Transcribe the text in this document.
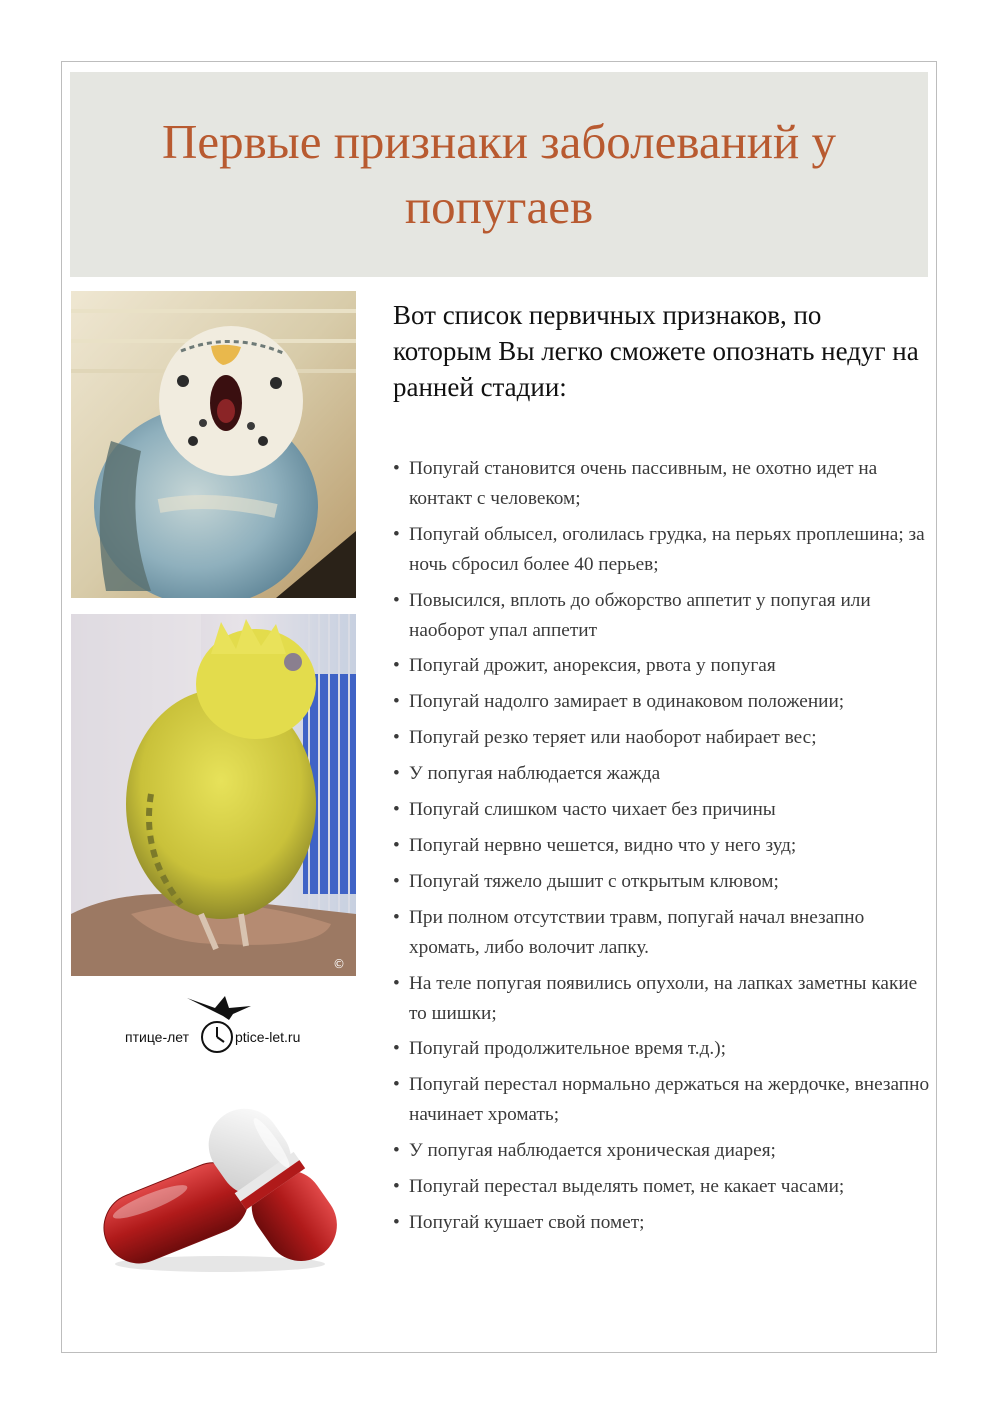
Первые признаки заболеваний у попугаев
©
птице-лет	ptice-let.ru

Вот список первичных признаков, по которым Вы легко сможете опознать недуг на ранней стадии:

• Попугай становится очень пассивным, не охотно идет на контакт с человеком;
• Попугай облысел, оголилась грудка, на перьях проплешина; за ночь сбросил более 40 перьев;
• Повысился, вплоть до обжорство аппетит у попугая или наоборот упал аппетит
• Попугай дрожит, анорексия, рвота у попугая
• Попугай надолго замирает в одинаковом положении;
• Попугай резко теряет или наоборот набирает вес;
• У попугая наблюдается жажда
• Попугай слишком часто чихает без причины
• Попугай нервно чешется, видно что у него зуд;
• Попугай тяжело дышит с открытым клювом;
• При полном отсутствии травм, попугай начал внезапно хромать, либо волочит лапку.
• На теле попугая появились опухоли, на лапках заметны какие то шишки;
• Попугай продолжительное время т.д.);
• Попугай перестал нормально держаться на жердочке, внезапно начинает хромать;
• У попугая наблюдается хроническая диарея;
• Попугай перестал выделять помет, не какает часами;
• Попугай кушает свой помет;
